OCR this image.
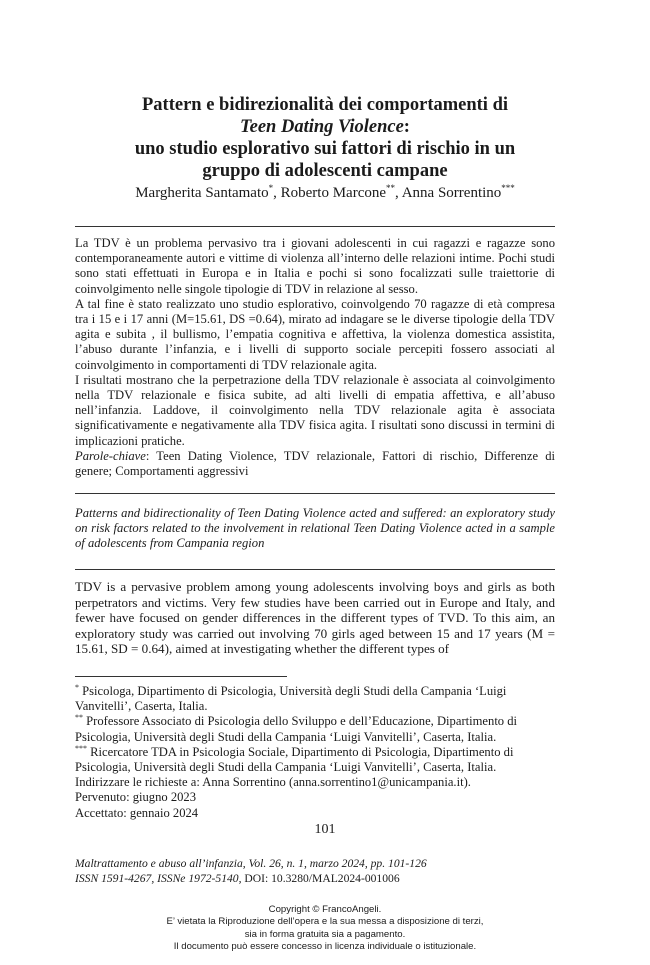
Pattern e bidirezionalità dei comportamenti di
Teen Dating Violence:
uno studio esplorativo sui fattori di rischio in un
gruppo di adolescenti campane
Margherita Santamato*, Roberto Marcone**, Anna Sorrentino***

La TDV è un problema pervasivo tra i giovani adolescenti in cui ragazzi e ragazze sono contemporaneamente autori e vittime di violenza all’interno delle relazioni intime. Pochi studi sono stati effettuati in Europa e in Italia e pochi si sono focalizzati sulle traiettorie di coinvolgimento nelle singole tipologie di TDV in relazione al sesso.

A tal fine è stato realizzato uno studio esplorativo, coinvolgendo 70 ragazze di età compresa tra i 15 e i 17 anni (M=15.61, DS =0.64), mirato ad indagare se le diverse tipologie della TDV agita e subita , il bullismo, l’empatia cognitiva e affettiva, la violenza domestica assistita, l’abuso durante l’infanzia, e i livelli di supporto sociale percepiti fossero associati al coinvolgimento in comportamenti di TDV relazionale agita.

I risultati mostrano che la perpetrazione della TDV relazionale è associata al coinvolgimento nella TDV relazionale e fisica subite, ad alti livelli di empatia affettiva, e all’abuso nell’infanzia. Laddove, il coinvolgimento nella TDV relazionale agita è associata significativamente e negativamente alla TDV fisica agita. I risultati sono discussi in termini di implicazioni pratiche.

Parole-chiave: Teen Dating Violence, TDV relazionale, Fattori di rischio, Differenze di genere; Comportamenti aggressivi

Patterns and bidirectionality of Teen Dating Violence acted and suffered: an exploratory study on risk factors related to the involvement in relational Teen Dating Violence acted in a sample of adolescents from Campania region
TDV is a pervasive problem among young adolescents involving boys and girls as both perpetrators and victims. Very few studies have been carried out in Europe and Italy, and fewer have focused on gender differences in the different types of TVD. To this aim, an exploratory study was carried out involving 70 girls aged between 15 and 17 years (M = 15.61, SD = 0.64), aimed at investigating whether the different types of

* Psicologa, Dipartimento di Psicologia, Università degli Studi della Campania ‘Luigi Vanvitelli’, Caserta, Italia.

** Professore Associato di Psicologia dello Sviluppo e dell’Educazione, Dipartimento di Psicologia, Università degli Studi della Campania ‘Luigi Vanvitelli’, Caserta, Italia.

*** Ricercatore TDA in Psicologia Sociale, Dipartimento di Psicologia, Dipartimento di Psicologia, Università degli Studi della Campania ‘Luigi Vanvitelli’, Caserta, Italia.

Indirizzare le richieste a: Anna Sorrentino (anna.sorrentino1@unicampania.it).

Pervenuto: giugno 2023

Accettato: gennaio 2024

101
Maltrattamento e abuso all’infanzia, Vol. 26, n. 1, marzo 2024, pp. 101-126
ISSN 1591-4267, ISSNe 1972-5140, DOI: 10.3280/MAL2024-001006
Copyright © FrancoAngeli.
E’ vietata la Riproduzione dell’opera e la sua messa a disposizione di terzi,
sia in forma gratuita sia a pagamento.
Il documento può essere concesso in licenza individuale o istituzionale.
